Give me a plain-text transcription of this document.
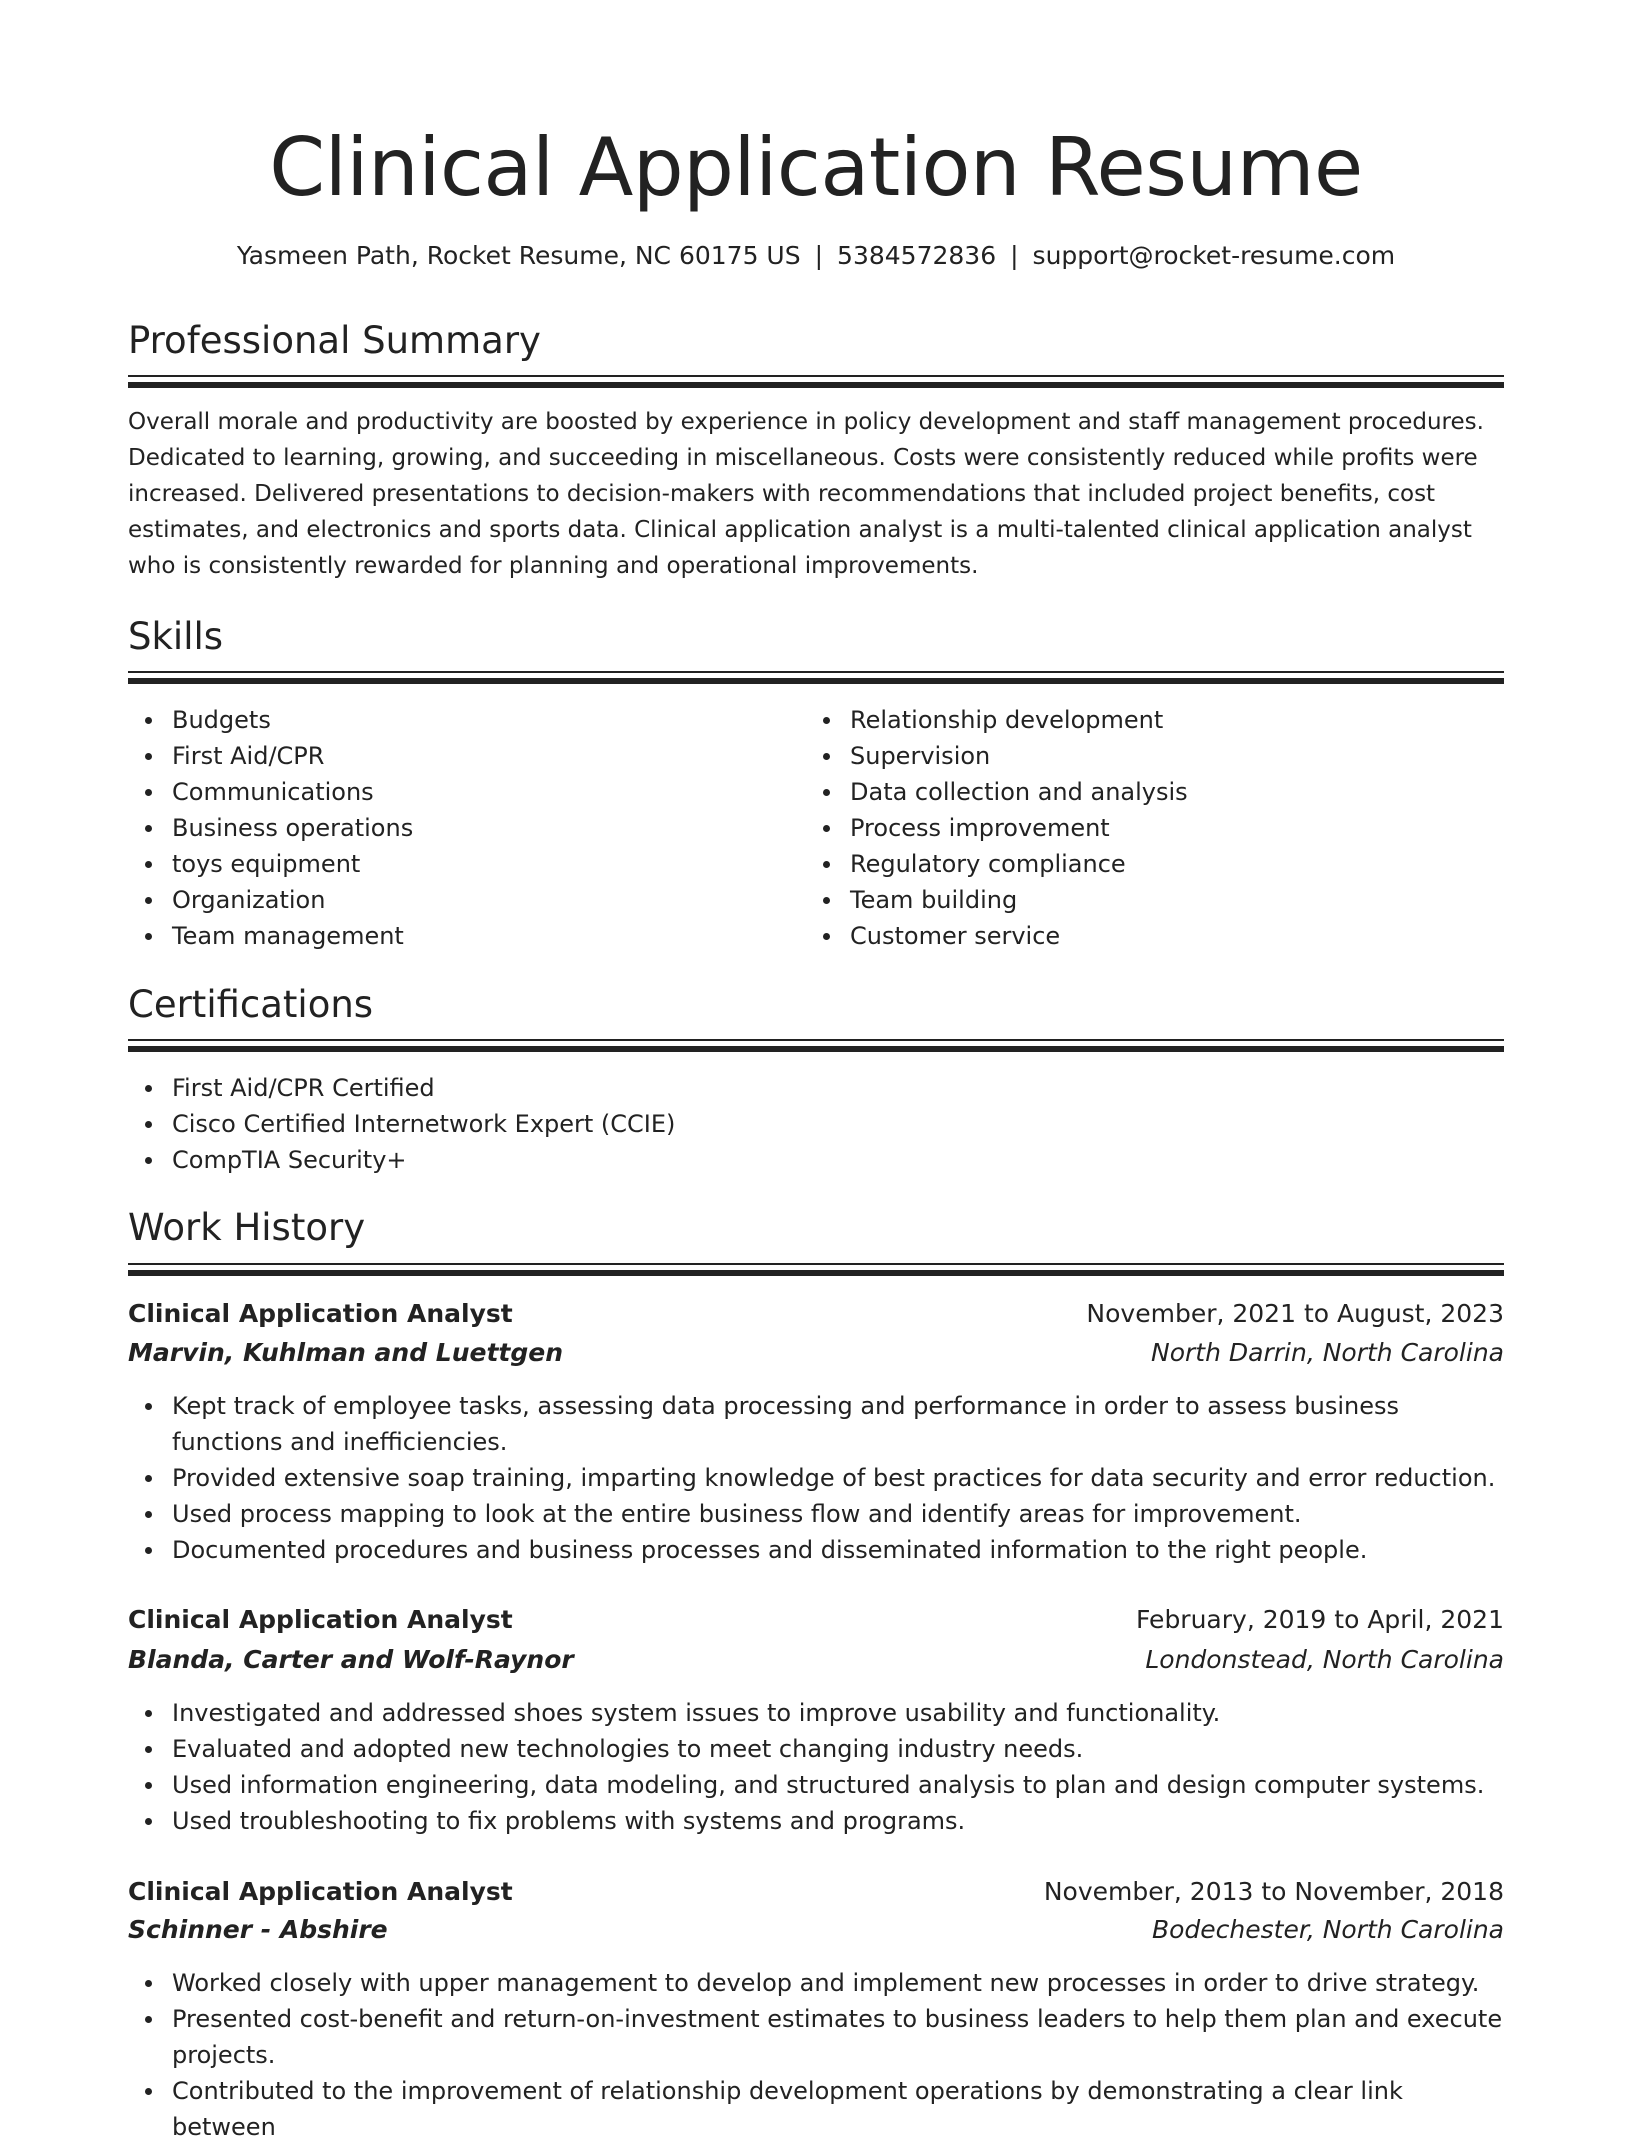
Clinical Application Resume
Yasmeen Path, Rocket Resume, NC 60175 US | 5384572836 | support@rocket-resume.com
Professional Summary

Overall morale and productivity are boosted by experience in policy development and staff management procedures. Dedicated to learning, growing, and succeeding in miscellaneous. Costs were consistently reduced while profits were increased. Delivered presentations to decision-makers with recommendations that included project benefits, cost estimates, and electronics and sports data. Clinical application analyst is a multi-talented clinical application analyst who is consistently rewarded for planning and operational improvements.

Skills
Budgets
First Aid/CPR
Communications
Business operations
toys equipment
Organization
Team management
Relationship development
Supervision
Data collection and analysis
Process improvement
Regulatory compliance
Team building
Customer service
Certifications
First Aid/CPR Certified
Cisco Certified Internetwork Expert (CCIE)
CompTIA Security+
Work History
Clinical Application Analyst	November, 2021 to August, 2023
Marvin, Kuhlman and Luettgen	North Darrin, North Carolina
Kept track of employee tasks, assessing data processing and performance in order to assess business functions and inefficiencies.
Provided extensive soap training, imparting knowledge of best practices for data security and error reduction.
Used process mapping to look at the entire business flow and identify areas for improvement.
Documented procedures and business processes and disseminated information to the right people.
Clinical Application Analyst	February, 2019 to April, 2021
Blanda, Carter and Wolf-Raynor	Londonstead, North Carolina
Investigated and addressed shoes system issues to improve usability and functionality.
Evaluated and adopted new technologies to meet changing industry needs.
Used information engineering, data modeling, and structured analysis to plan and design computer systems.
Used troubleshooting to fix problems with systems and programs.
Clinical Application Analyst	November, 2013 to November, 2018
Schinner - Abshire	Bodechester, North Carolina
Worked closely with upper management to develop and implement new processes in order to drive strategy.
Presented cost-benefit and return-on-investment estimates to business leaders to help them plan and execute projects.
Contributed to the improvement of relationship development operations by demonstrating a clear link between
